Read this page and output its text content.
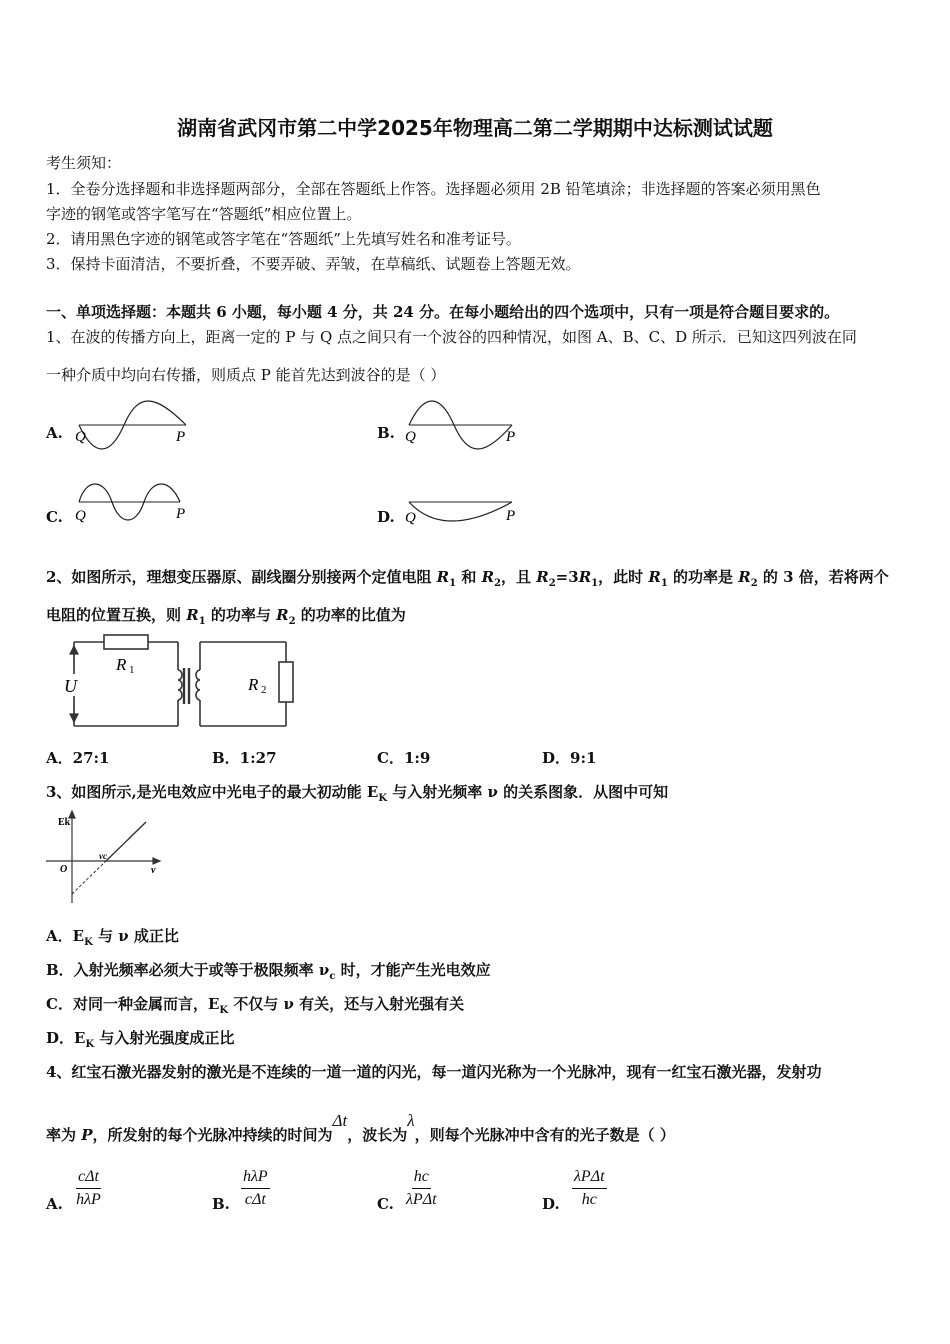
湖南省武冈市第二中学2025年物理高二第二学期期中达标测试试题
考生须知：
1．全卷分选择题和非选择题两部分，全部在答题纸上作答。选择题必须用 2B 铅笔填涂；非选择题的答案必须用黑色
字迹的钢笔或答字笔写在“答题纸”相应位置上。
2．请用黑色字迹的钢笔或答字笔在“答题纸”上先填写姓名和准考证号。
3．保持卡面清洁，不要折叠，不要弄破、弄皱，在草稿纸、试题卷上答题无效。
一、单项选择题：本题共 6 小题，每小题 4 分，共 24 分。在每小题给出的四个选项中，只有一项是符合题目要求的。
1、在波的传播方向上，距离一定的 P 与 Q 点之间只有一个波谷的四种情况，如图 A、B、C、D 所示．已知这四列波在同
一种介质中均向右传播，则质点 P 能首先达到波谷的是（ ）
A. Q	P	B. Q	P
C. Q	P	D. Q	P
2、如图所示，理想变压器原、副线圈分别接两个定值电阻 $R_1$ 和 $R_2$，且 $R_2=3R_1$，此时 $R_1$ 的功率是 $R_2$ 的 3 倍，若将两个
电阻的位置互换，则 $R_1$ 的功率与 $R_2$ 的功率的比值为
U
R 1
R 2
A．27:1	B．1:27	C．1:9	D．9:1
3、如图所示,是光电效应中光电子的最大初动能 $E_K$ 与入射光频率 ν 的关系图象．从图中可知
Ek
O
νc
ν
A．$E_K$ 与 ν 成正比
B．入射光频率必须大于或等于极限频率 $\nu_c$ 时，才能产生光电效应
C．对同一种金属而言，$E_K$ 不仅与 ν 有关，还与入射光强有关
D．$E_K$ 与入射光强度成正比
4、红宝石激光器发射的激光是不连续的一道一道的闪光，每一道闪光称为一个光脉冲，现有一红宝石激光器，发射功
率为 P，所发射的每个光脉冲持续的时间为Δt，波长为λ，则每个光脉冲中含有的光子数是（ ）
A.
cΔt
hλP	B.
hλP
cΔt	C.
hc
λPΔt	D.
λPΔt
hc
